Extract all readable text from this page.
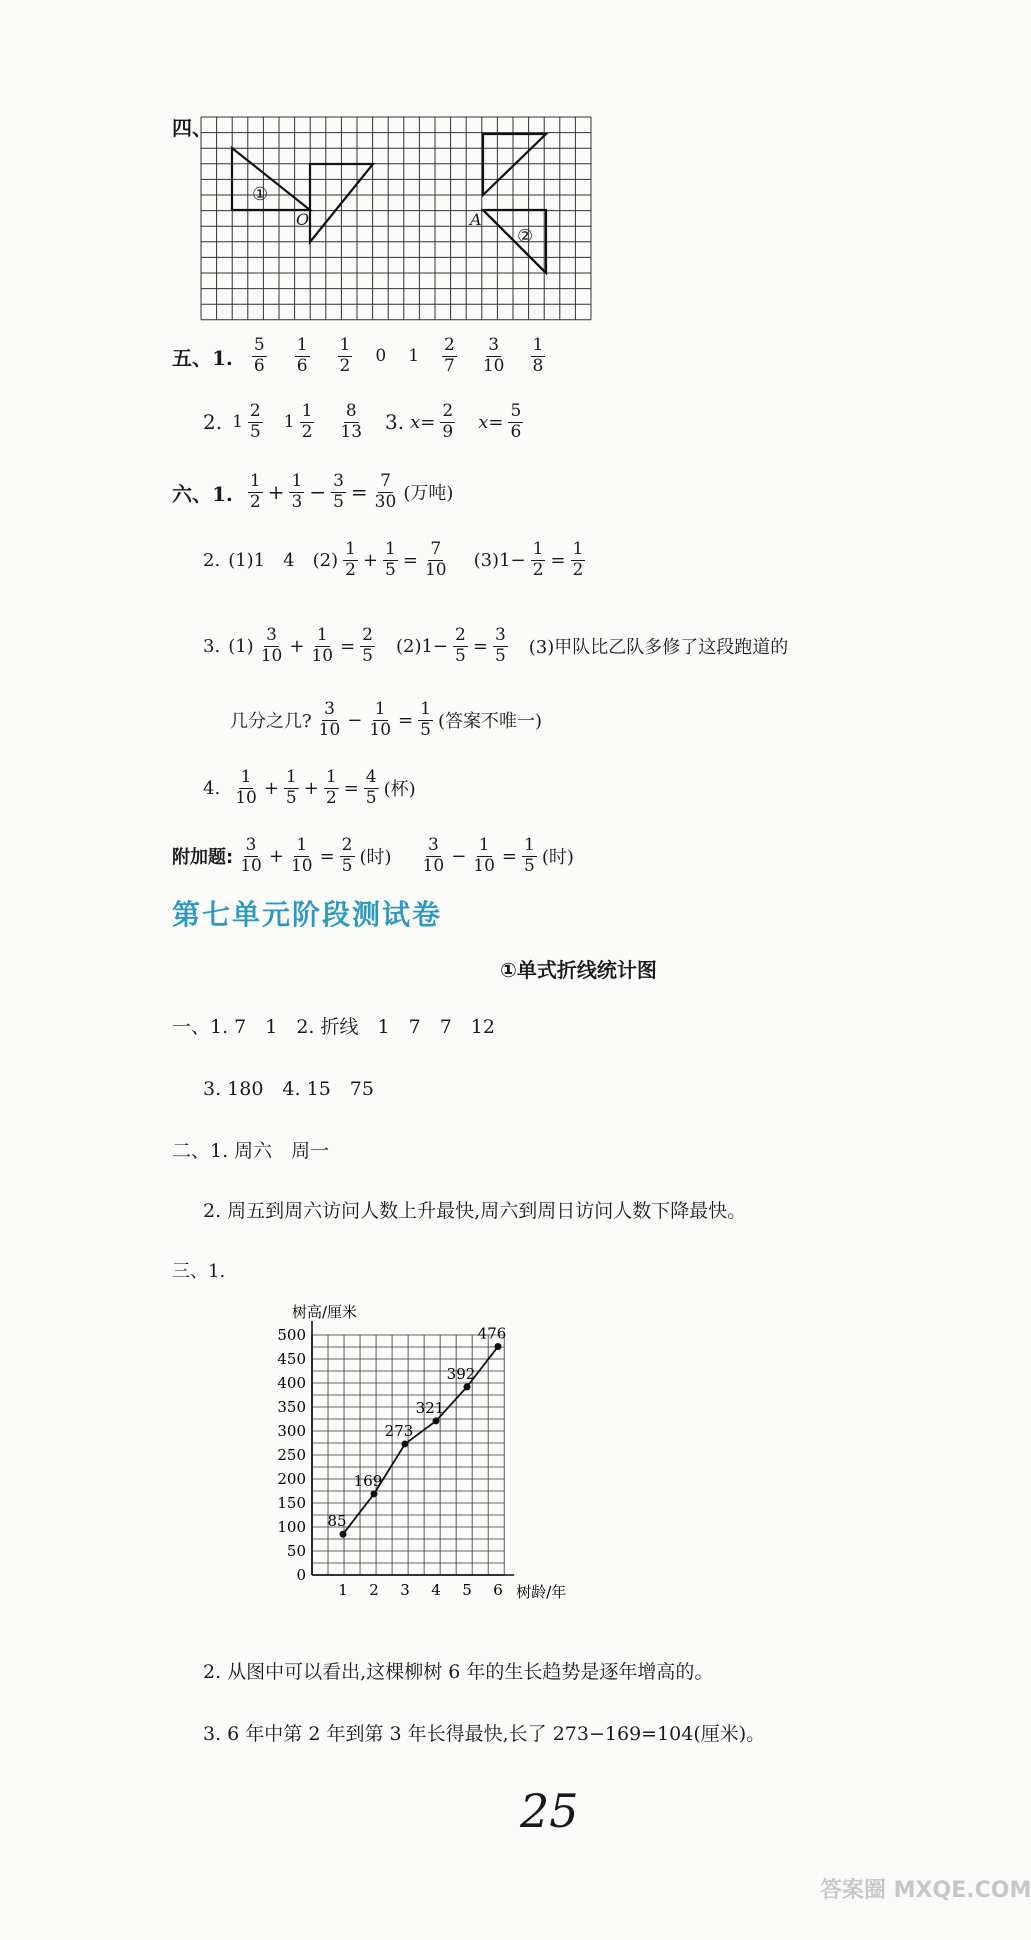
四、
①
②
O	A
五、1. $\frac{5}{6} \frac{1}{6} \frac{1}{2} 0$ $1 \frac{2}{7} \frac{3}{10} \frac{1}{8}$
2. $1 \frac{2}{5} 1 \frac{1}{2} \frac{8}{13} 3$. $x= \frac{2}{9} x= \frac{5}{6}$
六、1. $\frac{1}{2} + \frac{1}{3} - \frac{3}{5} = \frac{7}{30}$ (万吨)
2. (1)1 4 $(2) \frac{1}{2} + \frac{1}{5} = \frac{7}{10} (3)1- \frac{1}{2} = \frac{1}{2}$
3. $(1) \frac{3}{10} + \frac{1}{10} = \frac{2}{5} (2)1- \frac{2}{5} = \frac{3}{5} (3)$甲队比乙队多修了这段跑道的
几分之几? $\frac{3}{10} - \frac{1}{10} = \frac{1}{5}$ (答案不唯一)
4. $\frac{1}{10} + \frac{1}{5} + \frac{1}{2} = \frac{4}{5}$ (杯)
附加题: $\frac{3}{10} + \frac{1}{10} = \frac{2}{5}$ (时) $\frac{3}{10} - \frac{1}{10} = \frac{1}{5}$ (时)
第七单元阶段测试卷
①单式折线统计图
一、1. 7　1　2. 折线　1　7　7　12
3. 180　4. 15　75
二、1. 周六　周一
2. 周五到周六访问人数上升最快,周六到周日访问人数下降最快。
三、1.
0
50
100
150
200
250
300
350
400
450
500
1 2 3 4 5 6
树高/厘米
树龄/年
85
169
273
321
392
476
2. 从图中可以看出,这棵柳树 6 年的生长趋势是逐年增高的。
3. 6 年中第 2 年到第 3 年长得最快,长了 273−169=104(厘米)。
25
答案圈 MXQE.COM
